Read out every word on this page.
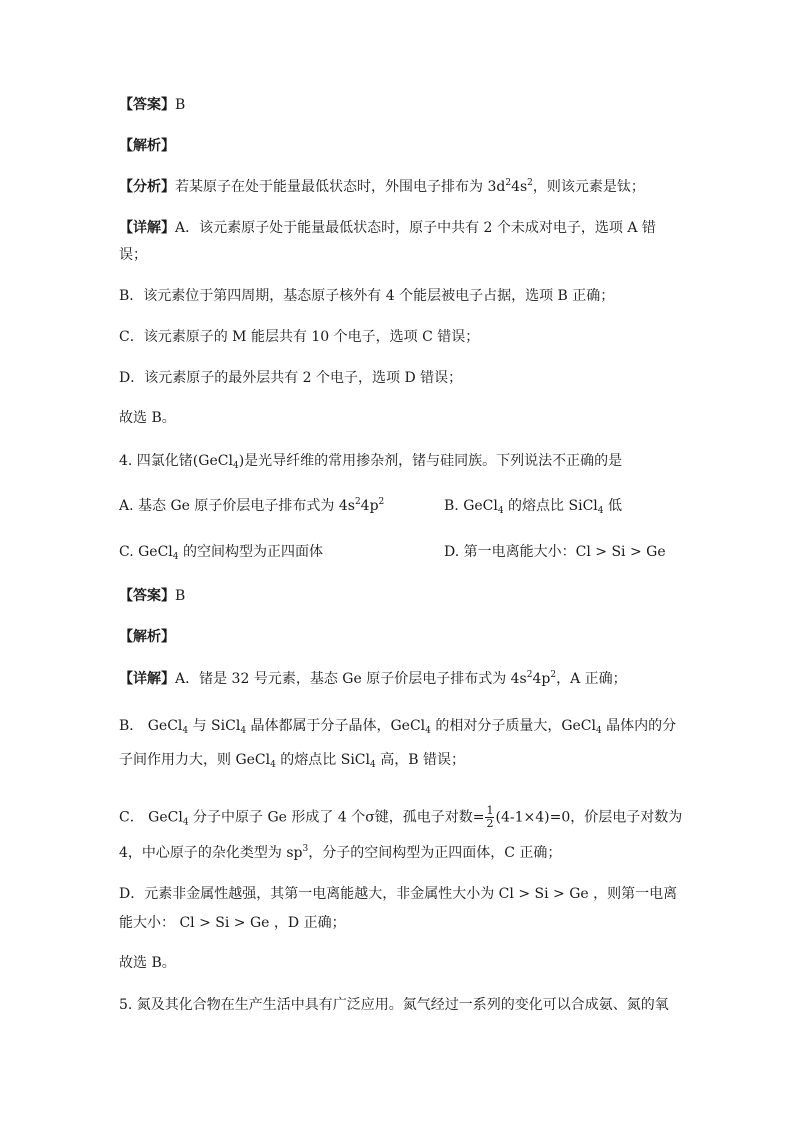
【答案】B
【解析】
【分析】若某原子在处于能量最低状态时，外围电子排布为 $3d^24s^2$，则该元素是钛；
【详解】A．该元素原子处于能量最低状态时，原子中共有 2 个未成对电子，选项 A 错
误；
B．该元素位于第四周期，基态原子核外有 4 个能层被电子占据，选项 B 正确；
C．该元素原子的 M 能层共有 10 个电子，选项 C 错误；
D．该元素原子的最外层共有 2 个电子，选项 D 错误；
故选 B。
4. 四氯化锗(GeCl$_4$)是光导纤维的常用掺杂剂，锗与硅同族。下列说法不正确的是
A. 基态 Ge 原子价层电子排布式为 $4s^24p^2$	B. GeCl$_4$ 的熔点比 SiCl$_4$ 低
C. GeCl$_4$ 的空间构型为正四面体	D. 第一电离能大小：Cl > Si > Ge
【答案】B
【解析】
【详解】A．锗是 32 号元素，基态 Ge 原子价层电子排布式为 $4s^24p^2$，A 正确；
B． GeCl$_4$ 与 SiCl$_4$ 晶体都属于分子晶体，GeCl$_4$ 的相对分子质量大，GeCl$_4$ 晶体内的分
子间作用力大，则 GeCl$_4$ 的熔点比 SiCl$_4$ 高，B 错误；
C． GeCl$_4$ 分子中原子 Ge 形成了 4 个σ键，孤电子对数= $\frac{1}{2} (4-1\times 4)=0$，价层电子对数为
4，中心原子的杂化类型为 $sp^3$，分子的空间构型为正四面体，C 正确；
D．元素非金属性越强，其第一电离能越大，非金属性大小为 Cl > Si > Ge ，则第一电离
能大小： Cl > Si > Ge ，D 正确；
故选 B。
5. 氮及其化合物在生产生活中具有广泛应用。氮气经过一系列的变化可以合成氨、氮的氧
